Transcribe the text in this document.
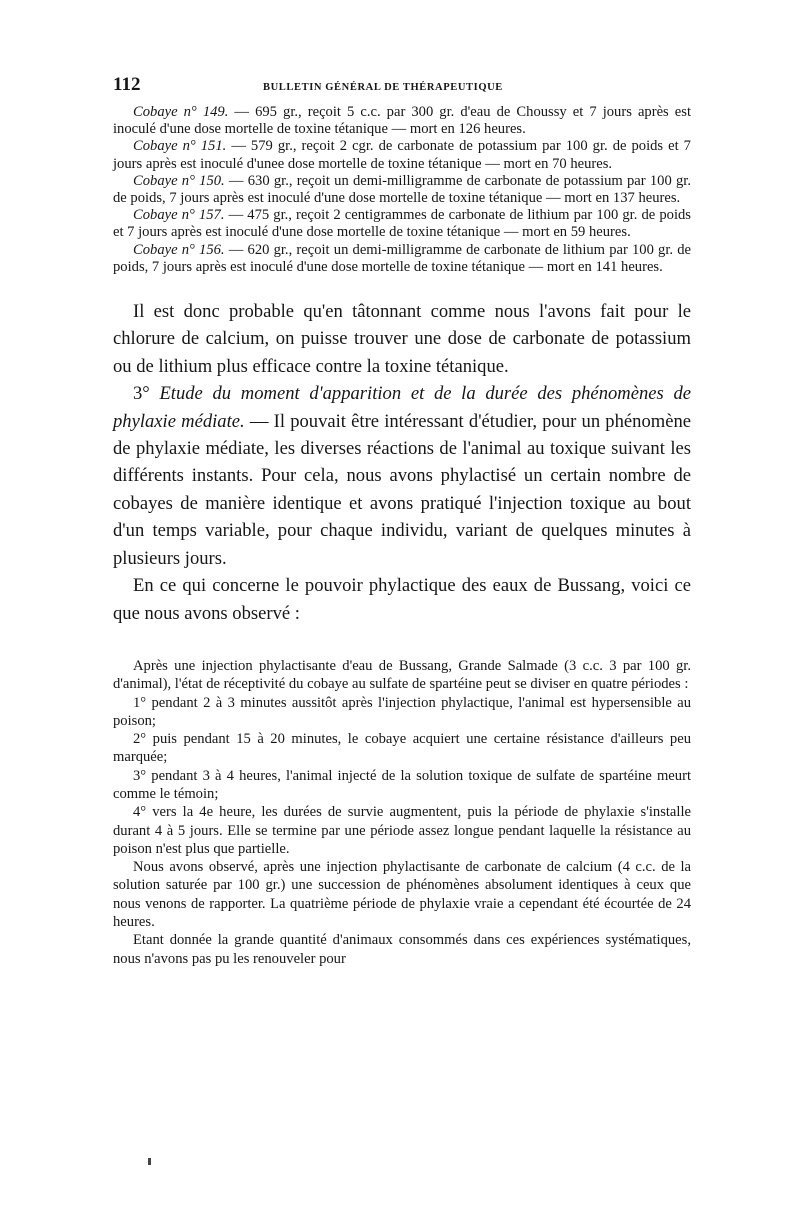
112	BULLETIN GÉNÉRAL DE THÉRAPEUTIQUE

Cobaye n° 149. — 695 gr., reçoit 5 c.c. par 300 gr. d'eau de Choussy et 7 jours après est inoculé d'une dose mortelle de toxine tétanique — mort en 126 heures.

Cobaye n° 151. — 579 gr., reçoit 2 cgr. de carbonate de potassium par 100 gr. de poids et 7 jours après est inoculé d'unee dose mortelle de toxine tétanique — mort en 70 heures.

Cobaye n° 150. — 630 gr., reçoit un demi-milligramme de carbonate de potassium par 100 gr. de poids, 7 jours après est inoculé d'une dose mortelle de toxine tétanique — mort en 137 heures.

Cobaye n° 157. — 475 gr., reçoit 2 centigrammes de carbonate de lithium par 100 gr. de poids et 7 jours après est inoculé d'une dose mortelle de toxine tétanique — mort en 59 heures.

Cobaye n° 156. — 620 gr., reçoit un demi-milligramme de carbonate de lithium par 100 gr. de poids, 7 jours après est inoculé d'une dose mortelle de toxine tétanique — mort en 141 heures.

Il est donc probable qu'en tâtonnant comme nous l'avons fait pour le chlorure de calcium, on puisse trouver une dose de carbonate de potassium ou de lithium plus efficace contre la toxine tétanique.

3° Etude du moment d'apparition et de la durée des phénomènes de phylaxie médiate. — Il pouvait être intéressant d'étudier, pour un phénomène de phylaxie médiate, les diverses réactions de l'animal au toxique suivant les différents instants. Pour cela, nous avons phylactisé un certain nombre de cobayes de manière identique et avons pratiqué l'injection toxique au bout d'un temps variable, pour chaque individu, variant de quelques minutes à plusieurs jours.

En ce qui concerne le pouvoir phylactique des eaux de Bussang, voici ce que nous avons observé :

Après une injection phylactisante d'eau de Bussang, Grande Salmade (3 c.c. 3 par 100 gr. d'animal), l'état de réceptivité du cobaye au sulfate de spartéine peut se diviser en quatre périodes :

1° pendant 2 à 3 minutes aussitôt après l'injection phylactique, l'animal est hypersensible au poison;

2° puis pendant 15 à 20 minutes, le cobaye acquiert une certaine résistance d'ailleurs peu marquée;

3° pendant 3 à 4 heures, l'animal injecté de la solution toxique de sulfate de spartéine meurt comme le témoin;

4° vers la 4e heure, les durées de survie augmentent, puis la période de phylaxie s'installe durant 4 à 5 jours. Elle se termine par une période assez longue pendant laquelle la résistance au poison n'est plus que partielle.

Nous avons observé, après une injection phylactisante de carbonate de calcium (4 c.c. de la solution saturée par 100 gr.) une succession de phénomènes absolument identiques à ceux que nous venons de rapporter. La quatrième période de phylaxie vraie a cependant été écourtée de 24 heures.

Etant donnée la grande quantité d'animaux consommés dans ces expériences systématiques, nous n'avons pas pu les renouveler pour
